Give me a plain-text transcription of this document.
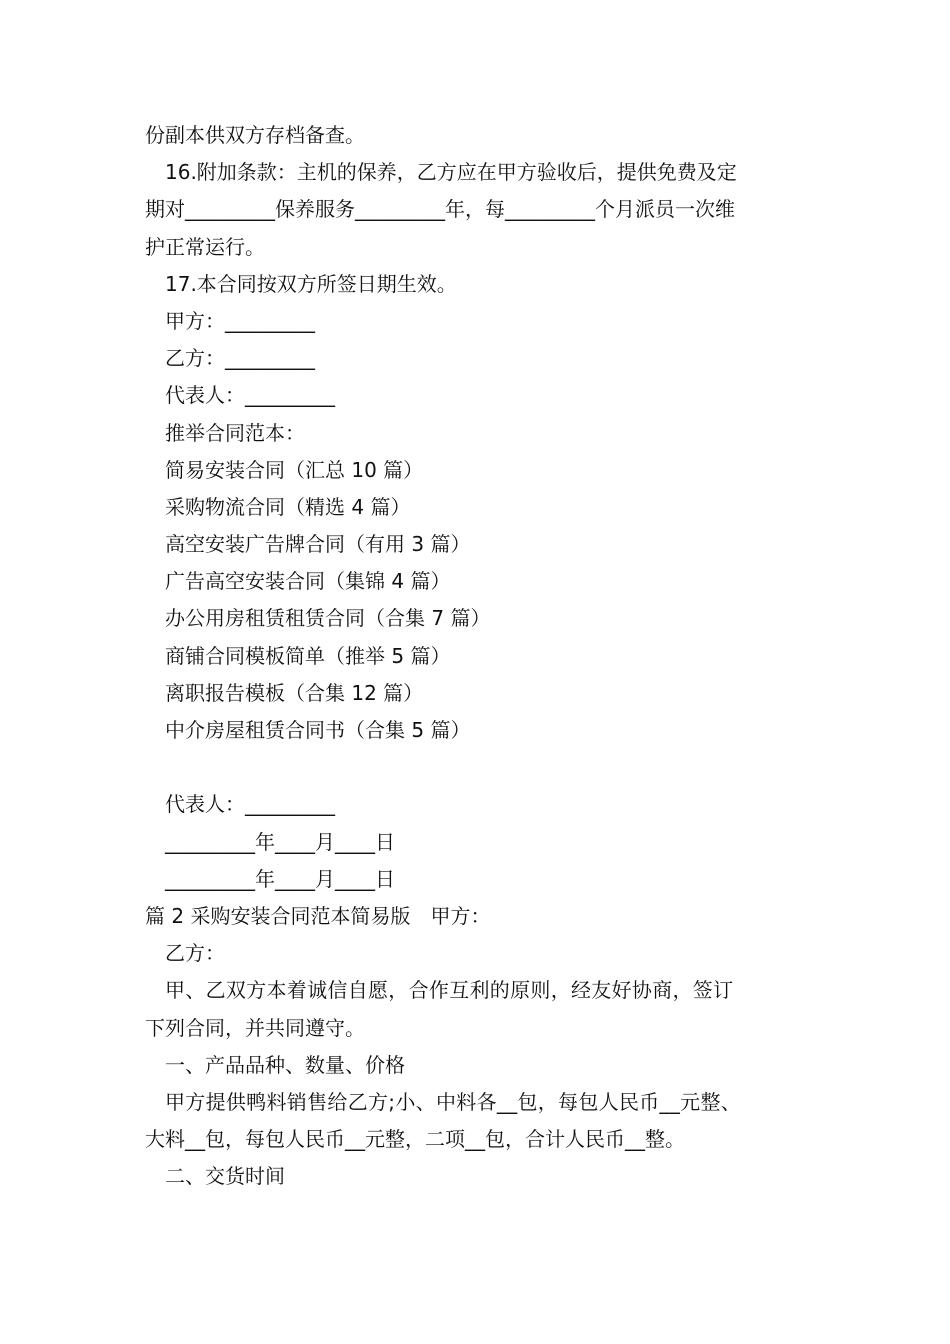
份副本供双方存档备查。
16.附加条款：主机的保养，乙方应在甲方验收后，提供免费及定
期对_________保养服务_________年，每_________个月派员一次维
护正常运行。
17.本合同按双方所签日期生效。
甲方：_________
乙方：_________
代表人：_________
推举合同范本：
简易安装合同（汇总 10 篇）
采购物流合同（精选 4 篇）
高空安装广告牌合同（有用 3 篇）
广告高空安装合同（集锦 4 篇）
办公用房租赁租赁合同（合集 7 篇）
商铺合同模板简单（推举 5 篇）
离职报告模板（合集 12 篇）
中介房屋租赁合同书（合集 5 篇）
代表人：_________
_________年____月____日
_________年____月____日
篇 2 采购安装合同范本简易版　甲方：
乙方：
甲、乙双方本着诚信自愿，合作互利的原则，经友好协商，签订
下列合同，并共同遵守。
一、产品品种、数量、价格
甲方提供鸭料销售给乙方;小、中料各__包，每包人民币__元整、
大料__包，每包人民币__元整，二项__包，合计人民币__整。
二、交货时间
